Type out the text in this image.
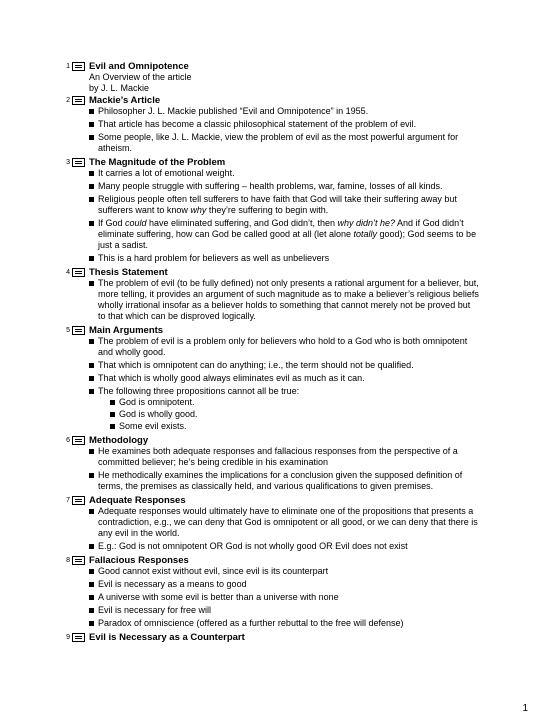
1 Evil and Omnipotence
An Overview of the article
by J. L. Mackie
2 Mackie’s Article
Philosopher J. L. Mackie published “Evil and Omnipotence” in 1955.
That article has become a classic philosophical statement of the problem of evil.
Some people, like J. L. Mackie, view the problem of evil as the most powerful argument for atheism.
3 The Magnitude of the Problem
It carries a lot of emotional weight.
Many people struggle with suffering – health problems, war, famine, losses of all kinds.
Religious people often tell sufferers to have faith that God will take their suffering away but sufferers want to know why they’re suffering to begin with.
If God could have eliminated suffering, and God didn’t, then why didn’t he? And if God didn’t eliminate suffering, how can God be called good at all (let alone totally good); God seems to be just a sadist.
This is a hard problem for believers as well as unbelievers
4 Thesis Statement
The problem of evil (to be fully defined) not only presents a rational argument for a believer, but, more telling, it provides an argument of such magnitude as to make a believer’s religious beliefs wholly irrational insofar as a believer holds to something that cannot merely not be proved but to that which can be disproved logically.
5 Main Arguments
The problem of evil is a problem only for believers who hold to a God who is both omnipotent and wholly good.
That which is omnipotent can do anything; i.e., the term should not be qualified.
That which is wholly good always eliminates evil as much as it can.
The following three propositions cannot all be true:
God is omnipotent.
God is wholly good.
Some evil exists.
6 Methodology
He examines both adequate responses and fallacious responses from the perspective of a committed believer; he’s being credible in his examination
He methodically examines the implications for a conclusion given the supposed definition of terms, the premises as classically held, and various qualifications to given premises.
7 Adequate Responses
Adequate responses would ultimately have to eliminate one of the propositions that presents a contradiction, e.g., we can deny that God is omnipotent or all good, or we can deny that there is any evil in the world.
E.g.: God is not omnipotent OR God is not wholly good OR Evil does not exist
8 Fallacious Responses
Good cannot exist without evil, since evil is its counterpart
Evil is necessary as a means to good
A universe with some evil is better than a universe with none
Evil is necessary for free will
Paradox of omniscience (offered as a further rebuttal to the free will defense)
9 Evil is Necessary as a Counterpart
1
